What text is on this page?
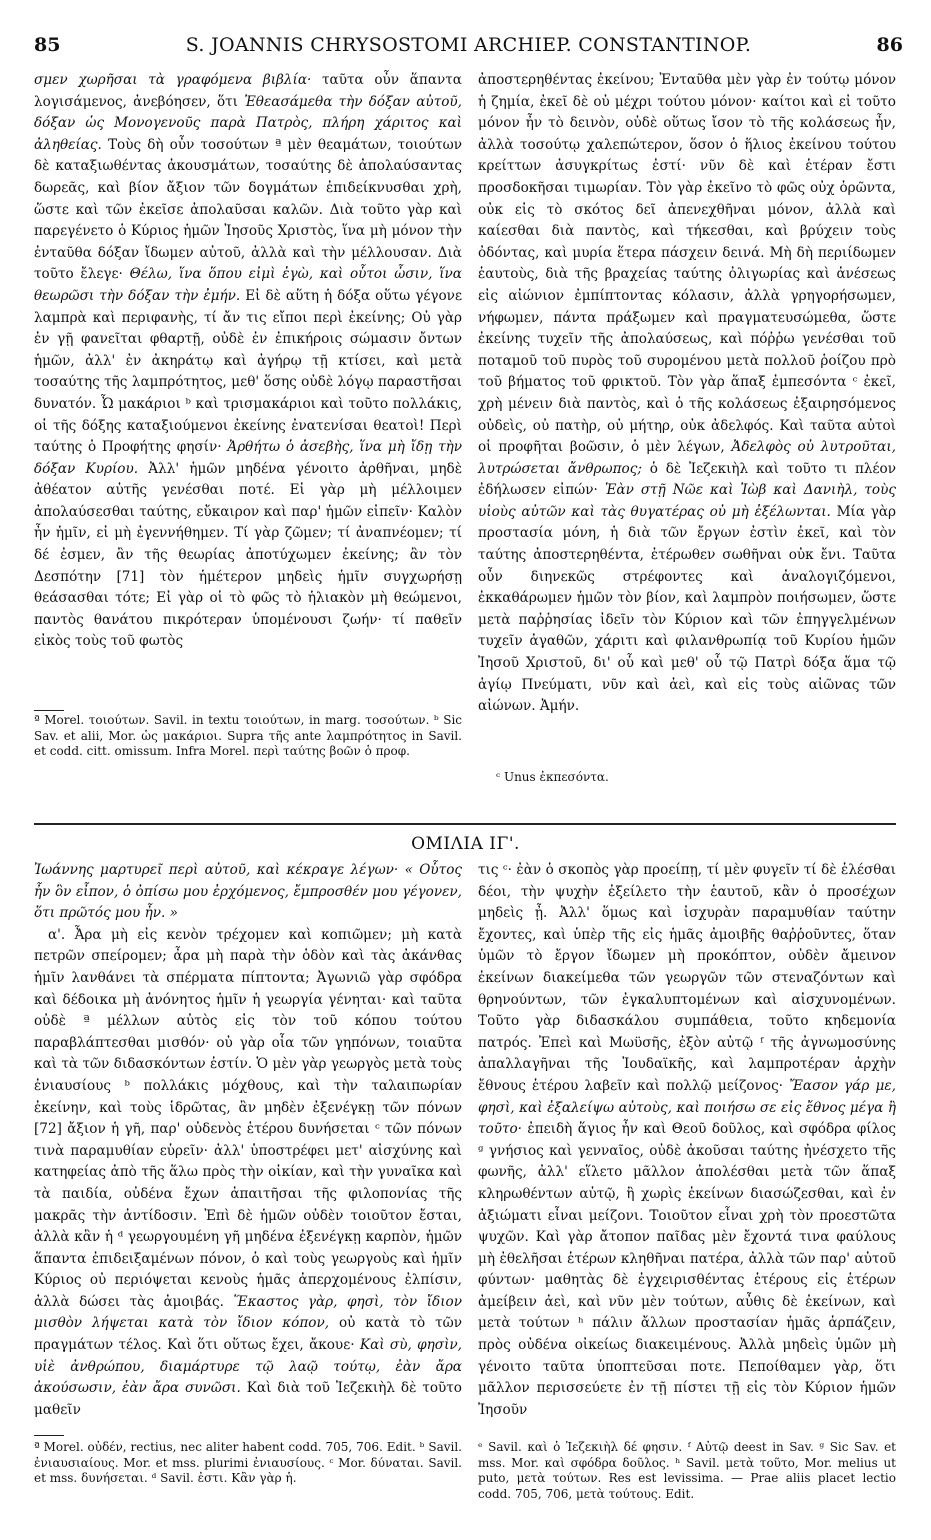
85	S. JOANNIS CHRYSOSTOMI ARCHIEP. CONSTANTINOP.	86

σμεν χωρῆσαι τὰ γραφόμενα βιβλία· ταῦτα οὖν ἅπαντα λογισάμενος, ἀνεβόησεν, ὅτι Ἐθεασάμεθα τὴν δόξαν αὐτοῦ, δόξαν ὡς Μονογενοῦς παρὰ Πατρὸς, πλήρη χάριτος καὶ ἀληθείας. Τοὺς δὴ οὖν τοσούτων ª μὲν θεαμάτων, τοιούτων δὲ καταξιωθέντας ἀκουσμάτων, τοσαύτης δὲ ἀπολαύσαντας δωρεᾶς, καὶ βίον ἄξιον τῶν δογμάτων ἐπιδείκνυσθαι χρὴ, ὥστε καὶ τῶν ἐκεῖσε ἀπολαῦσαι καλῶν. Διὰ τοῦτο γὰρ καὶ παρεγένετο ὁ Κύριος ἡμῶν Ἰησοῦς Χριστὸς, ἵνα μὴ μόνον τὴν ἐνταῦθα δόξαν ἴδωμεν αὐτοῦ, ἀλλὰ καὶ τὴν μέλλουσαν. Διὰ τοῦτο ἔλεγε· Θέλω, ἵνα ὅπου εἰμὶ ἐγὼ, καὶ οὗτοι ὦσιν, ἵνα θεωρῶσι τὴν δόξαν τὴν ἐμήν. Εἰ δὲ αὕτη ἡ δόξα οὕτω γέγονε λαμπρὰ καὶ περιφανὴς, τί ἄν τις εἴποι περὶ ἐκείνης; Οὐ γὰρ ἐν γῇ φανεῖται φθαρτῇ, οὐδὲ ἐν ἐπικήροις σώμασιν ὄντων ἡμῶν, ἀλλ' ἐν ἀκηράτῳ καὶ ἀγήρῳ τῇ κτίσει, καὶ μετὰ τοσαύτης τῆς λαμπρότητος, μεθ' ὅσης οὐδὲ λόγῳ παραστῆσαι δυνατόν. Ὦ μακάριοι ᵇ καὶ τρισμακάριοι καὶ τοῦτο πολλάκις, οἱ τῆς δόξης καταξιούμενοι ἐκείνης ἐνατενίσαι θεατοὶ! Περὶ ταύτης ὁ Προφήτης φησίν· Ἀρθήτω ὁ ἀσεβὴς, ἵνα μὴ ἴδῃ τὴν δόξαν Κυρίου. Ἀλλ' ἡμῶν μηδένα γένοιτο ἀρθῆναι, μηδὲ ἀθέατον αὐτῆς γενέσθαι ποτέ. Εἰ γὰρ μὴ μέλλοιμεν ἀπολαύσεσθαι ταύτης, εὔκαιρον καὶ παρ' ἡμῶν εἰπεῖν· Καλὸν ἦν ἡμῖν, εἰ μὴ ἐγεννήθημεν. Τί γὰρ ζῶμεν; τί ἀναπνέομεν; τί δέ ἐσμεν, ἂν τῆς θεωρίας ἀποτύχωμεν ἐκείνης; ἂν τὸν Δεσπότην [71] τὸν ἡμέτερον μηδεὶς ἡμῖν συγχωρήσῃ θεάσασθαι τότε; Εἰ γὰρ οἱ τὸ φῶς τὸ ἡλιακὸν μὴ θεώμενοι, παντὸς θανάτου πικρότεραν ὑπομένουσι ζωήν· τί παθεῖν εἰκὸς τοὺς τοῦ φωτὸς

ª Morel. τοιούτων. Savil. in textu τοιούτων, in marg. τοσούτων. ᵇ Sic Sav. et alii, Mor. ὡς μακάριοι. Supra τῆς ante λαμπρότητος in Savil. et codd. citt. omissum. Infra Morel. περὶ ταύτης βοῶν ὁ προφ.

ἀποστερηθέντας ἐκείνου; Ἐνταῦθα μὲν γὰρ ἐν τούτῳ μόνον ἡ ζημία, ἐκεῖ δὲ οὐ μέχρι τούτου μόνον· καίτοι καὶ εἰ τοῦτο μόνον ἦν τὸ δεινὸν, οὐδὲ οὕτως ἴσον τὸ τῆς κολάσεως ἦν, ἀλλὰ τοσούτῳ χαλεπώτερον, ὅσον ὁ ἥλιος ἐκείνου τούτου κρείττων ἀσυγκρίτως ἐστί· νῦν δὲ καὶ ἑτέραν ἔστι προσδοκῆσαι τιμωρίαν. Τὸν γὰρ ἐκεῖνο τὸ φῶς οὐχ ὁρῶντα, οὐκ εἰς τὸ σκότος δεῖ ἀπενεχθῆναι μόνον, ἀλλὰ καὶ καίεσθαι διὰ παντὸς, καὶ τήκεσθαι, καὶ βρύχειν τοὺς ὀδόντας, καὶ μυρία ἕτερα πάσχειν δεινά. Μὴ δὴ περιίδωμεν ἑαυτοὺς, διὰ τῆς βραχείας ταύτης ὀλιγωρίας καὶ ἀνέσεως εἰς αἰώνιον ἐμπίπτοντας κόλασιν, ἀλλὰ γρηγορήσωμεν, νήφωμεν, πάντα πράξωμεν καὶ πραγματευσώμεθα, ὥστε ἐκείνης τυχεῖν τῆς ἀπολαύσεως, καὶ πόῤῥω γενέσθαι τοῦ ποταμοῦ τοῦ πυρὸς τοῦ συρομένου μετὰ πολλοῦ ῥοίζου πρὸ τοῦ βήματος τοῦ φρικτοῦ. Τὸν γὰρ ἅπαξ ἐμπεσόντα ᶜ ἐκεῖ, χρὴ μένειν διὰ παντὸς, καὶ ὁ τῆς κολάσεως ἐξαιρησόμενος οὐδεὶς, οὐ πατὴρ, οὐ μήτηρ, οὐκ ἀδελφός. Καὶ ταῦτα αὐτοὶ οἱ προφῆται βοῶσιν, ὁ μὲν λέγων, Ἀδελφὸς οὐ λυτροῦται, λυτρώσεται ἄνθρωπος; ὁ δὲ Ἰεζεκιὴλ καὶ τοῦτο τι πλέον ἐδήλωσεν εἰπών· Ἐὰν στῇ Νῶε καὶ Ἰὼβ καὶ Δανιὴλ, τοὺς υἱοὺς αὐτῶν καὶ τὰς θυγατέρας οὐ μὴ ἐξέλωνται. Μία γὰρ προστασία μόνη, ἡ διὰ τῶν ἔργων ἐστὶν ἐκεῖ, καὶ τὸν ταύτης ἀποστερηθέντα, ἑτέρωθεν σωθῆναι οὐκ ἔνι. Ταῦτα οὖν διηνεκῶς στρέφοντες καὶ ἀναλογιζόμενοι, ἐκκαθάρωμεν ἡμῶν τὸν βίον, καὶ λαμπρὸν ποιήσωμεν, ὥστε μετὰ παῤῥησίας ἰδεῖν τὸν Κύριον καὶ τῶν ἐπηγγελμένων τυχεῖν ἀγαθῶν, χάριτι καὶ φιλανθρωπίᾳ τοῦ Κυρίου ἡμῶν Ἰησοῦ Χριστοῦ, δι' οὗ καὶ μεθ' οὗ τῷ Πατρὶ δόξα ἅμα τῷ ἁγίῳ Πνεύματι, νῦν καὶ ἀεὶ, καὶ εἰς τοὺς αἰῶνας τῶν αἰώνων. Ἀμήν.

ᶜ Unus ἐκπεσόντα.
ΟΜΙΛΙΑ ΙΓ'.

Ἰωάννης μαρτυρεῖ περὶ αὐτοῦ, καὶ κέκραγε λέγων· « Οὗτος ἦν ὃν εἶπον, ὁ ὀπίσω μου ἐρχόμενος, ἔμπροσθέν μου γέγονεν, ὅτι πρῶτός μου ἦν. »

α'. Ἆρα μὴ εἰς κενὸν τρέχομεν καὶ κοπιῶμεν; μὴ κατὰ πετρῶν σπείρομεν; ἆρα μὴ παρὰ τὴν ὁδὸν καὶ τὰς ἀκάνθας ἡμῖν λανθάνει τὰ σπέρματα πίπτοντα; Ἀγωνιῶ γὰρ σφόδρα καὶ δέδοικα μὴ ἀνόνητος ἡμῖν ἡ γεωργία γένηται· καὶ ταῦτα οὐδὲ ª μέλλων αὐτὸς εἰς τὸν τοῦ κόπου τούτου παραβλάπτεσθαι μισθόν· οὐ γὰρ οἷα τῶν γηπόνων, τοιαῦτα καὶ τὰ τῶν διδασκόντων ἐστίν. Ὁ μὲν γὰρ γεωργὸς μετὰ τοὺς ἐνιαυσίους ᵇ πολλάκις μόχθους, καὶ τὴν ταλαιπωρίαν ἐκείνην, καὶ τοὺς ἱδρῶτας, ἂν μηδὲν ἐξενέγκῃ τῶν πόνων [72] ἄξιον ἡ γῆ, παρ' οὐδενὸς ἑτέρου δυνήσεται ᶜ τῶν πόνων τινὰ παραμυθίαν εὑρεῖν· ἀλλ' ὑποστρέφει μετ' αἰσχύνης καὶ κατηφείας ἀπὸ τῆς ἅλω πρὸς τὴν οἰκίαν, καὶ τὴν γυναῖκα καὶ τὰ παιδία, οὐδένα ἔχων ἀπαιτῆσαι τῆς φιλοπονίας τῆς μακρᾶς τὴν ἀντίδοσιν. Ἐπὶ δὲ ἡμῶν οὐδὲν τοιοῦτον ἔσται, ἀλλὰ κἂν ἡ ᵈ γεωργουμένη γῆ μηδένα ἐξενέγκῃ καρπὸν, ἡμῶν ἅπαντα ἐπιδειξαμένων πόνον, ὁ καὶ τοὺς γεωργοὺς καὶ ἡμῖν Κύριος οὐ περιόψεται κενοὺς ἡμᾶς ἀπερχομένους ἐλπίσιν, ἀλλὰ δώσει τὰς ἀμοιβάς. Ἕκαστος γὰρ, φησὶ, τὸν ἴδιον μισθὸν λήψεται κατὰ τὸν ἴδιον κόπον, οὐ κατὰ τὸ τῶν πραγμάτων τέλος. Καὶ ὅτι οὕτως ἔχει, ἄκουε· Καὶ σὺ, φησὶν, υἱὲ ἀνθρώπου, διαμάρτυρε τῷ λαῷ τούτῳ, ἐὰν ἄρα ἀκούσωσιν, ἐὰν ἄρα συνῶσι. Καὶ διὰ τοῦ Ἰεζεκιὴλ δὲ τοῦτο μαθεῖν

ª Morel. οὐδέν, rectius, nec aliter habent codd. 705, 706. Edit. ᵇ Savil. ἐνιαυσιαίους. Mor. et mss. plurimi ἐνιαυσίους. ᶜ Mor. δύναται. Savil. et mss. δυνήσεται. ᵈ Savil. ἐστι. Κἂν γὰρ ἡ.

τις ᶜ· ἐὰν ὁ σκοπὸς γὰρ προείπῃ, τί μὲν φυγεῖν τί δὲ ἑλέσθαι δέοι, τὴν ψυχὴν ἐξείλετο τὴν ἑαυτοῦ, κἂν ὁ προσέχων μηδεὶς ᾖ. Ἀλλ' ὅμως καὶ ἰσχυρὰν παραμυθίαν ταύτην ἔχοντες, καὶ ὑπὲρ τῆς εἰς ἡμᾶς ἀμοιβῆς θαῤῥοῦντες, ὅταν ὑμῶν τὸ ἔργον ἴδωμεν μὴ προκόπτον, οὐδὲν ἄμεινον ἐκείνων διακείμεθα τῶν γεωργῶν τῶν στεναζόντων καὶ θρηνούντων, τῶν ἐγκαλυπτομένων καὶ αἰσχυνομένων. Τοῦτο γὰρ διδασκάλου συμπάθεια, τοῦτο κηδεμονία πατρός. Ἐπεὶ καὶ Μωϋσῆς, ἐξὸν αὐτῷ ᶠ τῆς ἀγνωμοσύνης ἀπαλλαγῆναι τῆς Ἰουδαϊκῆς, καὶ λαμπροτέραν ἀρχὴν ἔθνους ἑτέρου λαβεῖν καὶ πολλῷ μείζονος· Ἔασον γάρ με, φησὶ, καὶ ἐξαλείψω αὐτοὺς, καὶ ποιήσω σε εἰς ἔθνος μέγα ἢ τοῦτο· ἐπειδὴ ἅγιος ἦν καὶ Θεοῦ δοῦλος, καὶ σφόδρα φίλος ᵍ γνήσιος καὶ γενναῖος, οὐδὲ ἀκοῦσαι ταύτης ἠνέσχετο τῆς φωνῆς, ἀλλ' εἵλετο μᾶλλον ἀπολέσθαι μετὰ τῶν ἅπαξ κληρωθέντων αὐτῷ, ἢ χωρὶς ἐκείνων διασώζεσθαι, καὶ ἐν ἀξιώματι εἶναι μείζονι. Τοιοῦτον εἶναι χρὴ τὸν προεστῶτα ψυχῶν. Καὶ γὰρ ἄτοπον παῖδας μὲν ἔχοντά τινα φαύλους μὴ ἐθελῆσαι ἑτέρων κληθῆναι πατέρα, ἀλλὰ τῶν παρ' αὐτοῦ φύντων· μαθητὰς δὲ ἐγχειρισθέντας ἑτέρους εἰς ἑτέρων ἀμείβειν ἀεὶ, καὶ νῦν μὲν τούτων, αὖθις δὲ ἐκείνων, καὶ μετὰ τούτων ʰ πάλιν ἄλλων προστασίαν ἡμᾶς ἁρπάζειν, πρὸς οὐδένα οἰκείως διακειμένους. Ἀλλὰ μηδεὶς ὑμῶν μὴ γένοιτο ταῦτα ὑποπτεῦσαι ποτε. Πεποίθαμεν γὰρ, ὅτι μᾶλλον περισσεύετε ἐν τῇ πίστει τῇ εἰς τὸν Κύριον ἡμῶν Ἰησοῦν

ᵉ Savil. καὶ ὁ Ἰεζεκιὴλ δέ φησιν. ᶠ Αὐτῷ deest in Sav. ᵍ Sic Sav. et mss. Mor. καὶ σφόδρα δοῦλος. ʰ Savil. μετὰ τοῦτο, Mor. melius ut puto, μετὰ τούτων. Res est levissima. — Prae aliis placet lectio codd. 705, 706, μετὰ τούτους. Edit.
